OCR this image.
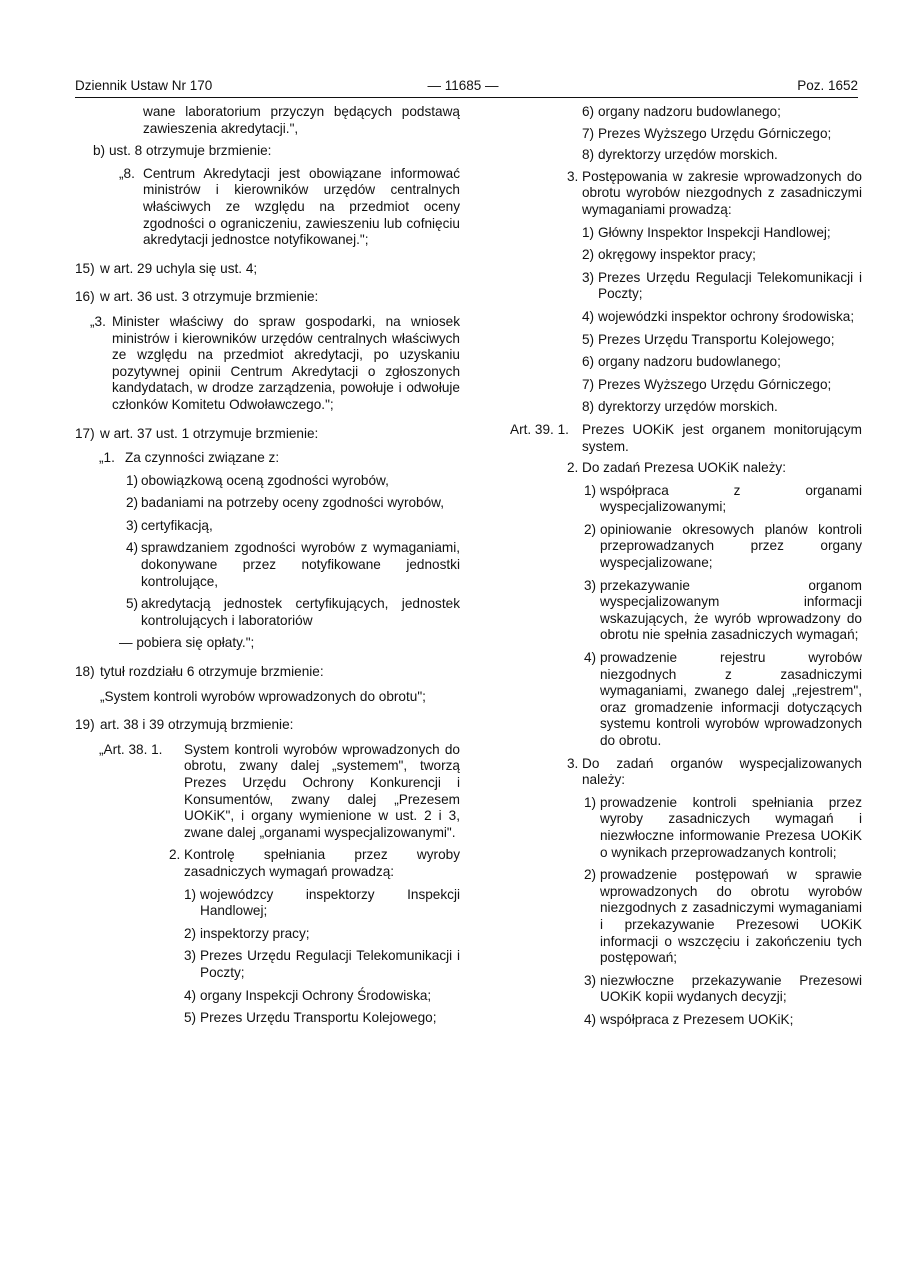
Dziennik Ustaw Nr 170	— 11685 —	Poz. 1652
wane laboratorium przyczyn będących podstawą zawieszenia akredytacji.",
b) ust. 8 otrzymuje brzmienie:
„8. Centrum Akredytacji jest obowiązane informować ministrów i kierowników urzędów centralnych właściwych ze względu na przedmiot oceny zgodności o ograniczeniu, zawieszeniu lub cofnięciu akredytacji jednostce notyfikowanej.";
15) w art. 29 uchyla się ust. 4;
16) w art. 36 ust. 3 otrzymuje brzmienie:
„3. Minister właściwy do spraw gospodarki, na wniosek ministrów i kierowników urzędów centralnych właściwych ze względu na przedmiot akredytacji, po uzyskaniu pozytywnej opinii Centrum Akredytacji o zgłoszonych kandydatach, w drodze zarządzenia, powołuje i odwołuje członków Komitetu Odwoławczego.";
17) w art. 37 ust. 1 otrzymuje brzmienie:
„1. Za czynności związane z:
1) obowiązkową oceną zgodności wyrobów,
2) badaniami na potrzeby oceny zgodności wyrobów,
3) certyfikacją,
4) sprawdzaniem zgodności wyrobów z wymaganiami, dokonywane przez notyfikowane jednostki kontrolujące,
5) akredytacją jednostek certyfikujących, jednostek kontrolujących i laboratoriów
— pobiera się opłaty.";
18) tytuł rozdziału 6 otrzymuje brzmienie:
„System kontroli wyrobów wprowadzonych do obrotu";
19) art. 38 i 39 otrzymują brzmienie:
„Art. 38. 1.	System kontroli wyrobów wprowadzonych do obrotu, zwany dalej „systemem", tworzą Prezes Urzędu Ochrony Konkurencji i Konsumentów, zwany dalej „Prezesem UOKiK", i organy wymienione w ust. 2 i 3, zwane dalej „organami wyspecjalizowanymi".
2. Kontrolę spełniania przez wyroby zasadniczych wymagań prowadzą:
1) wojewódzcy inspektorzy Inspekcji Handlowej;
2) inspektorzy pracy;
3) Prezes Urzędu Regulacji Telekomunikacji i Poczty;
4) organy Inspekcji Ochrony Środowiska;
5) Prezes Urzędu Transportu Kolejowego;
6) organy nadzoru budowlanego;
7) Prezes Wyższego Urzędu Górniczego;
8) dyrektorzy urzędów morskich.
3. Postępowania w zakresie wprowadzonych do obrotu wyrobów niezgodnych z zasadniczymi wymaganiami prowadzą:
1) Główny Inspektor Inspekcji Handlowej;
2) okręgowy inspektor pracy;
3) Prezes Urzędu Regulacji Telekomunikacji i Poczty;
4) wojewódzki inspektor ochrony środowiska;
5) Prezes Urzędu Transportu Kolejowego;
6) organy nadzoru budowlanego;
7) Prezes Wyższego Urzędu Górniczego;
8) dyrektorzy urzędów morskich.
Art. 39. 1. Prezes UOKiK jest organem monitorującym system.
2. Do zadań Prezesa UOKiK należy:
1) współpraca z organami wyspecjalizowanymi;
2) opiniowanie okresowych planów kontroli przeprowadzanych przez organy wyspecjalizowane;
3) przekazywanie organom wyspecjalizowanym informacji wskazujących, że wyrób wprowadzony do obrotu nie spełnia zasadniczych wymagań;
4) prowadzenie rejestru wyrobów niezgodnych z zasadniczymi wymaganiami, zwanego dalej „rejestrem", oraz gromadzenie informacji dotyczących systemu kontroli wyrobów wprowadzonych do obrotu.
3. Do zadań organów wyspecjalizowanych należy:
1) prowadzenie kontroli spełniania przez wyroby zasadniczych wymagań i niezwłoczne informowanie Prezesa UOKiK o wynikach przeprowadzanych kontroli;
2) prowadzenie postępowań w sprawie wprowadzonych do obrotu wyrobów niezgodnych z zasadniczymi wymaganiami i przekazywanie Prezesowi UOKiK informacji o wszczęciu i zakończeniu tych postępowań;
3) niezwłoczne przekazywanie Prezesowi UOKiK kopii wydanych decyzji;
4) współpraca z Prezesem UOKiK;
